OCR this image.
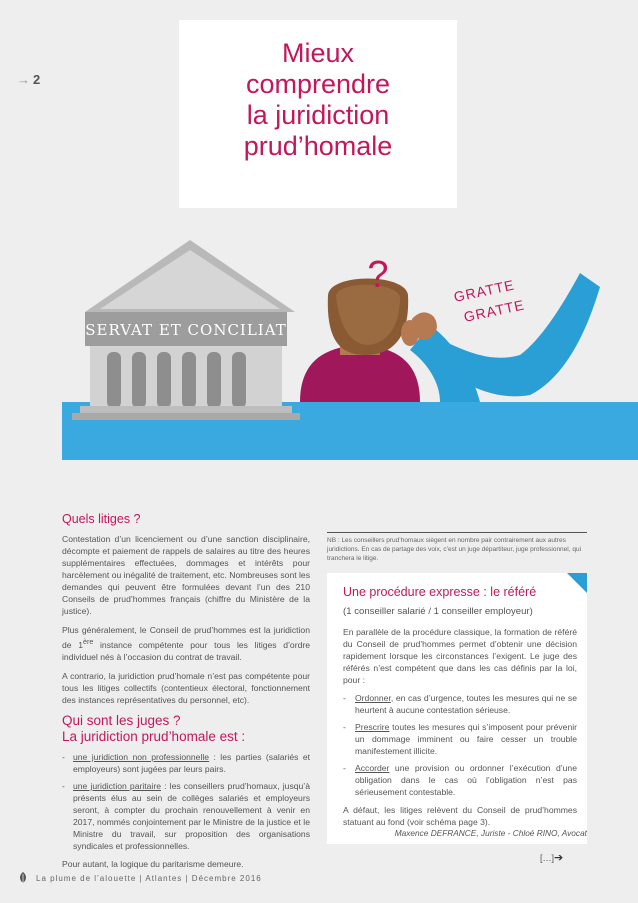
→ 2
Mieux
comprendre
la juridiction
prud’homale
SERVAT ET CONCILIAT
?	GRATTE
GRATTE
Quels litiges ?

Contestation d’un licenciement ou d’une sanction disciplinaire, décompte et paiement de rappels de salaires au titre des heures supplémentaires effectuées, dommages et intérêts pour harcèlement ou inégalité de traitement, etc. Nombreuses sont les demandes qui peuvent être formulées devant l’un des 210 Conseils de prud’hommes français (chiffre du Ministère de la justice).

Plus généralement, le Conseil de prud’hommes est la juridiction de 1ère instance compétente pour tous les litiges d’ordre individuel nés à l’occasion du contrat de travail.

A contrario, la juridiction prud’homale n’est pas compétente pour tous les litiges collectifs (contentieux électoral, fonctionnement des instances représentatives du personnel, etc).

Qui sont les juges ?
La juridiction prud’homale est :
- une juridiction non professionnelle : les parties (salariés et employeurs) sont jugées par leurs pairs.
- une juridiction paritaire : les conseillers prud’homaux, jusqu’à présents élus au sein de collèges salariés et employeurs seront, à compter du prochain renouvellement à venir en 2017, nommés conjointement par le Ministre de la justice et le Ministre du travail, sur proposition des organisations syndicales et professionnelles.

Pour autant, la logique du paritarisme demeure.

NB : Les conseillers prud’homaux siègent en nombre pair contrairement aux autres juridictions. En cas de partage des voix, c’est un juge départiteur, juge professionnel, qui tranchera le litige.
Une procédure expresse : le référé
(1 conseiller salarié / 1 conseiller employeur)

En parallèle de la procédure classique, la formation de référé du Conseil de prud’hommes permet d’obtenir une décision rapidement lorsque les circonstances l’exigent. Le juge des référés n’est compétent que dans les cas définis par la loi, pour :

- Ordonner, en cas d’urgence, toutes les mesures qui ne se heurtent à aucune contestation sérieuse.
- Prescrire toutes les mesures qui s’imposent pour prévenir un dommage imminent ou faire cesser un trouble manifestement illicite.
- Accorder une provision ou ordonner l’exécution d’une obligation dans le cas où l’obligation n’est pas sérieusement contestable.

A défaut, les litiges relèvent du Conseil de prud’hommes statuant au fond (voir schéma page 3).

Maxence DEFRANCE, Juriste - Chloé RINO, Avocat
[…]➔
La plume de l’alouette | Atlantes | Décembre 2016
